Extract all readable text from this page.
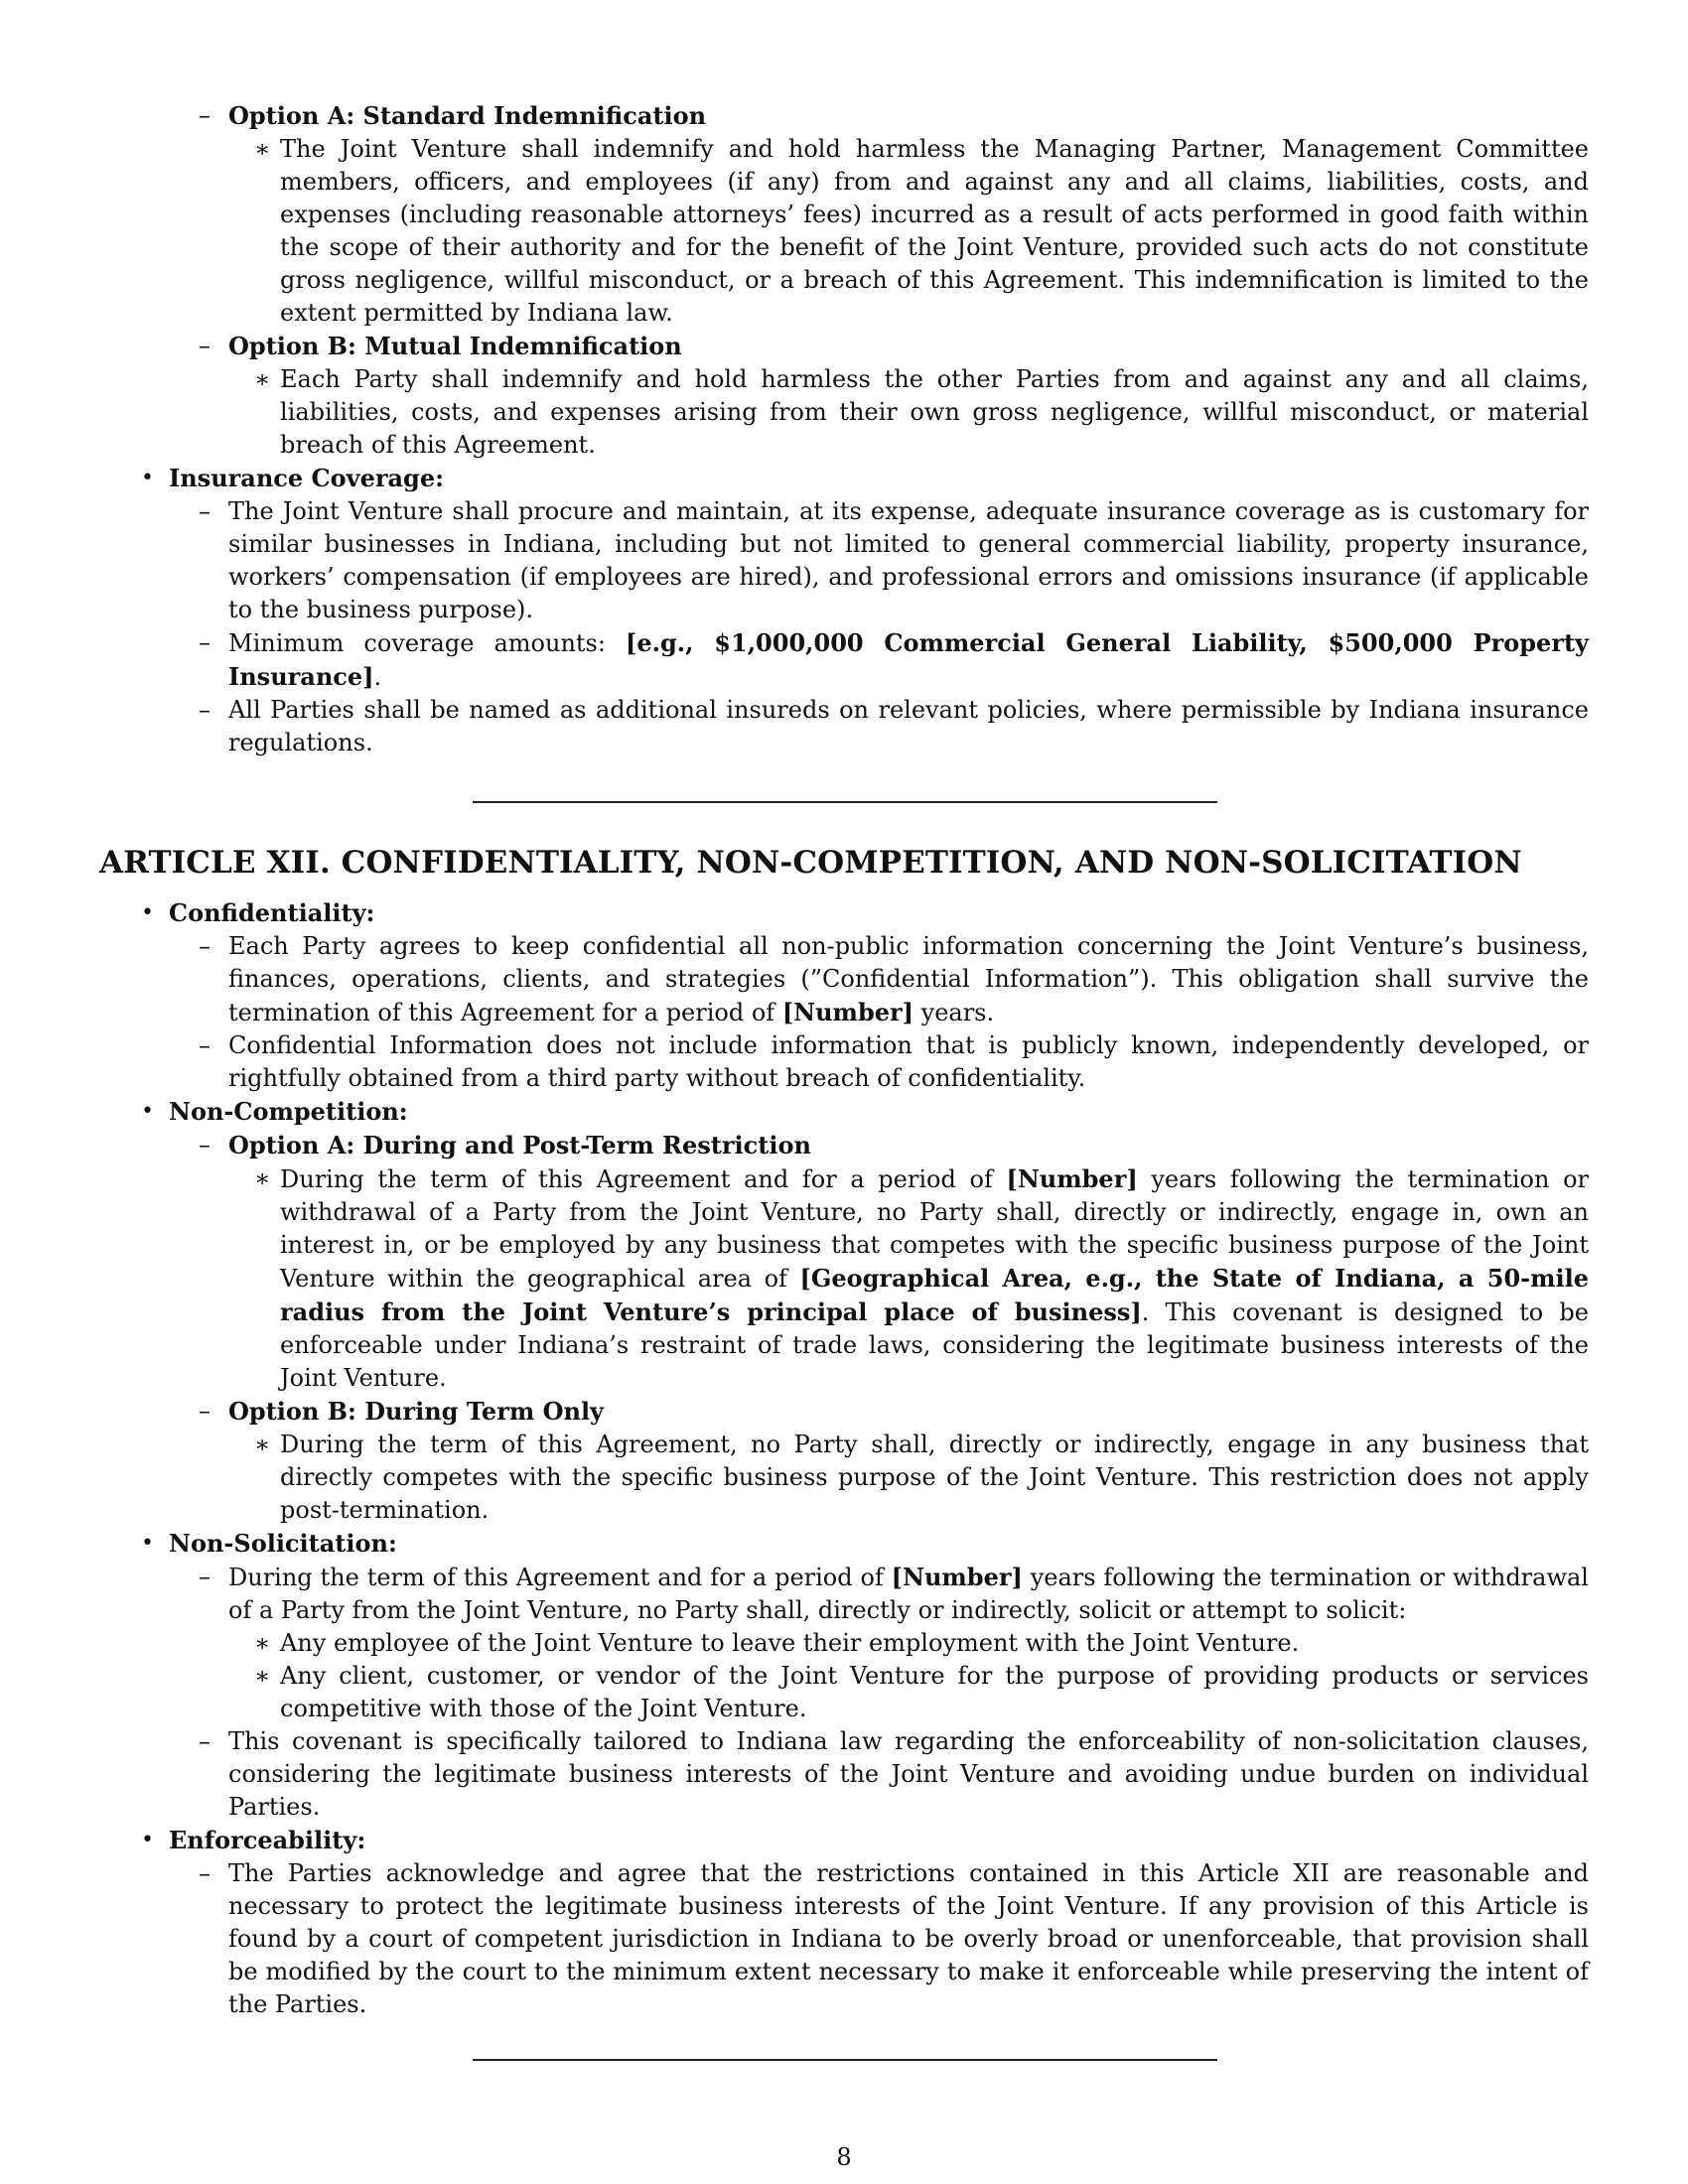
– Option A: Standard Indemnification
∗ The Joint Venture shall indemnify and hold harmless the Managing Partner, Management Committee members, officers, and employees (if any) from and against any and all claims, liabilities, costs, and expenses (including reasonable attorneys’ fees) incurred as a result of acts performed in good faith within the scope of their authority and for the benefit of the Joint Venture, provided such acts do not constitute gross negligence, willful misconduct, or a breach of this Agreement. This indemnification is limited to the extent permitted by Indiana law.
– Option B: Mutual Indemnification
∗ Each Party shall indemnify and hold harmless the other Parties from and against any and all claims, liabilities, costs, and expenses arising from their own gross negligence, willful misconduct, or material breach of this Agreement.
• Insurance Coverage:
– The Joint Venture shall procure and maintain, at its expense, adequate insurance coverage as is customary for similar businesses in Indiana, including but not limited to general commercial liability, property insurance, workers’ compensation (if employees are hired), and professional errors and omissions insurance (if applicable to the business purpose).
– Minimum coverage amounts: [e.g., $1,000,000 Commercial General Liability, $500,000 Property Insurance].
– All Parties shall be named as additional insureds on relevant policies, where permissible by Indiana insurance regulations.
ARTICLE XII. CONFIDENTIALITY, NON-COMPETITION, AND NON-SOLICITATION
• Confidentiality:
– Each Party agrees to keep confidential all non-public information concerning the Joint Venture’s business, finances, operations, clients, and strategies (”Confidential Information”). This obligation shall survive the termination of this Agreement for a period of [Number] years.
– Confidential Information does not include information that is publicly known, independently developed, or rightfully obtained from a third party without breach of confidentiality.
• Non-Competition:
– Option A: During and Post-Term Restriction
∗ During the term of this Agreement and for a period of [Number] years following the termination or withdrawal of a Party from the Joint Venture, no Party shall, directly or indirectly, engage in, own an interest in, or be employed by any business that competes with the specific business purpose of the Joint Venture within the geographical area of [Geographical Area, e.g., the State of Indiana, a 50-mile radius from the Joint Venture’s principal place of business]. This covenant is designed to be enforceable under Indiana’s restraint of trade laws, considering the legitimate business interests of the Joint Venture.
– Option B: During Term Only
∗ During the term of this Agreement, no Party shall, directly or indirectly, engage in any business that directly competes with the specific business purpose of the Joint Venture. This restriction does not apply post-termination.
• Non-Solicitation:
– During the term of this Agreement and for a period of [Number] years following the termination or withdrawal of a Party from the Joint Venture, no Party shall, directly or indirectly, solicit or attempt to solicit:
∗ Any employee of the Joint Venture to leave their employment with the Joint Venture.
∗ Any client, customer, or vendor of the Joint Venture for the purpose of providing products or services competitive with those of the Joint Venture.
– This covenant is specifically tailored to Indiana law regarding the enforceability of non-solicitation clauses, considering the legitimate business interests of the Joint Venture and avoiding undue burden on individual Parties.
• Enforceability:
– The Parties acknowledge and agree that the restrictions contained in this Article XII are reasonable and necessary to protect the legitimate business interests of the Joint Venture. If any provision of this Article is found by a court of competent jurisdiction in Indiana to be overly broad or unenforceable, that provision shall be modified by the court to the minimum extent necessary to make it enforceable while preserving the intent of the Parties.
8
